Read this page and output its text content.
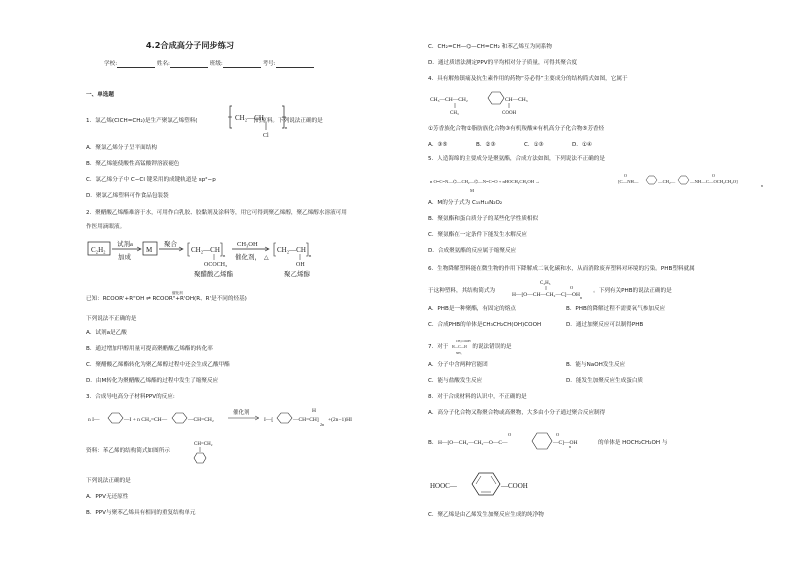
4.2合成高分子同步练习
学校:	姓名:	班级:	考号:
一、单选题
1．氯乙烯(ClCH=CH₂)是生产聚氯乙烯塑料(	)的原料。下列说法正确的是
CH₂—CH
Cl
n
A．聚氯乙烯分子呈平面结构
B．聚乙烯能使酸性高锰酸钾溶液褪色
C．氯乙烯分子中 C−Cl 键采用的成键轨道是 sp²−p
D．聚氯乙烯塑料可作食品包装袋
2．聚醋酸乙烯酯难溶于水，可用作白乳胶、胶黏剂及涂料等，用它可得到聚乙烯醇，聚乙烯醇水溶液可用
作医用滴眼液。
C₂H₂
试剂a
加成
M
聚合
CH₂—CH
n
OCOCH₃
聚醋酸乙烯酯
CH₃OH
催化剂， △
CH₂—CH
n
OH
聚乙烯醇
已知：RCOOR'+R"OH ⇌ RCOOR"+R'OH(R、R'是不同的烃基)
催化剂
下列说法不正确的是
A．试剂a是乙酸
B．通过增加甲醇用量可提高聚醋酸乙烯酯的转化率
C．聚醋酸乙烯酯转化为聚乙烯醇过程中还会生成乙酸甲酯
D．由M转化为聚醋酸乙烯酯的过程中发生了缩聚反应
3．合成导电高分子材料PPV的反应:
n I—	—I + n CH₂=CH—	—CH=CH₂
催化剂
I—[	—CH=CH]
H
2n
+(2n−1)HI
资料：苯乙烯的结构简式如图所示
CH=CH₂
下列说法正确的是
A．PPV无还原性
B．PPV与聚苯乙烯具有相同的重复结构单元
C．CH₂=CH—⌬—CH=CH₂ 和苯乙烯互为同系物
D．通过质谱法测定PPV的平均相对分子质量，可得其聚合度
4．具有解热镇痛及抗生素作用的药物“芬必得”主要成分的结构简式如图，它属于
CH₃—CH—CH₂
CH₃
CH—CH₃
COOH
①芳香族化合物②脂肪族化合物③有机羧酸④有机高分子化合物⑤芳香烃
A．③⑤	B．②③	C．①③	D．①④
5．人造海绵的主要成分是聚氨酯，合成方法如图，下列说法不正确的是
n O=C=N—⌬—CH₂—⌬—N=C=O + nHOCH₂CH₂OH →
M
O
[C—NH—	—CH₂—	—NH—C—OCH₂CH₂O]
O
n
A．M的分子式为 C₁₅H₁₀N₂O₂
B．聚氨酯和蛋白质分子的某些化学性质相似
C．聚氨酯在一定条件下能发生水解反应
D．合成聚氨酯的反应属于缩聚反应
6．生物降解塑料能在微生物的作用下降解成二氧化碳和水，从而消除废弃塑料对环境的污染。PHB塑料就属
于这种塑料，其结构简式为	。下列有关PHB的说法正确的是
C₂H₅
H—[O—CH—CH₂—C]—OH
O
n
A．PHB是一种聚酯，有固定的熔点	B．PHB的降解过程不需要氧气参加反应
C．合成PHB的单体是CH₃CH₂CH(OH)COOH	D．通过加聚反应可以制得PHB
7．对于	的说法错误的是
CH₂COOH
H—C—H
NH₂
A．分子中含两种官能团	B．能与NaOH发生反应
C．能与盐酸发生反应	D．能发生加聚反应生成蛋白质
8．对于合成材料的认识中，不正确的是
A．高分子化合物又称聚合物或高聚物，大多由小分子通过聚合反应制得
B． H—[O—CH₂—CH₂—O—C—
O
—C]—OH
O
n
的单体是 HOCH₂CH₂OH 与
HOOC—	—COOH
HOOC—⌬—COOH
C．聚乙烯是由乙烯发生加聚反应生成的纯净物
